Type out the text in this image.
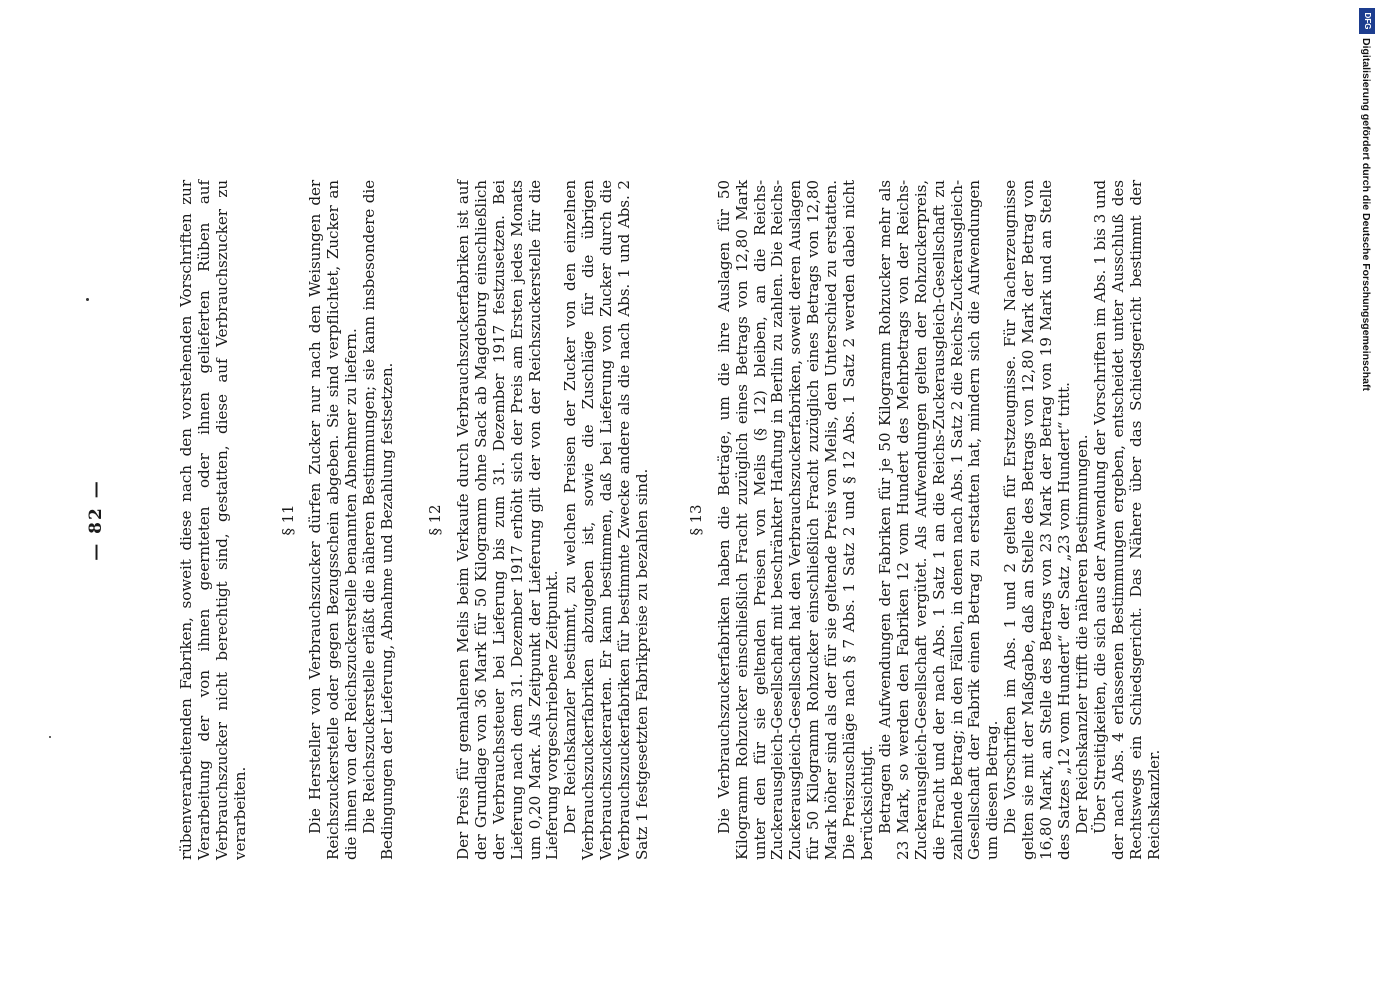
— 82 —	rübenverarbeitenden Fabriken, soweit diese nach den vorstehenden Vorschriften zur Verarbeitung der von ihnen geernteten oder ihnen gelieferten Rüben auf Verbrauchszucker nicht berechtigt sind, gestatten, diese auf Verbrauchszucker zu verarbeiten.

§ 11 Die Hersteller von Verbrauchszucker dürfen Zucker nur nach den Weisungen der Reichszuckerstelle oder gegen Bezugsschein abgeben. Sie sind verpflichtet, Zucker an die ihnen von der Reichszuckerstelle benannten Abnehmer zu liefern. Die Reichszuckerstelle erläßt die näheren Bestimmungen; sie kann insbesondere die Bedingungen der Lieferung, Abnahme und Bezahlung festsetzen. § 12 Der Preis für gemahlenen Melis beim Verkaufe durch Verbrauchszuckerfabriken ist auf der Grundlage von 36 Mark für 50 Kilogramm ohne Sack ab Magdeburg einschließlich der Verbrauchssteuer bei Lieferung bis zum 31. Dezember 1917 festzusetzen. Bei Lieferung nach dem 31. Dezember 1917 erhöht sich der Preis am Ersten jedes Monats um 0,20 Mark. Als Zeitpunkt der Lieferung gilt der von der Reichszuckerstelle für die Lieferung vorgeschriebene Zeitpunkt. Der Reichskanzler bestimmt, zu welchen Preisen der Zucker von den einzelnen Verbrauchszuckerfabriken abzugeben ist, sowie die Zuschläge für die übrigen Verbrauchszuckerarten. Er kann bestimmen, daß bei Lieferung von Zucker durch die Verbrauchszuckerfabriken für bestimmte Zwecke andere als die nach Abs. 1 und Abs. 2 Satz 1 festgesetzten Fabrikpreise zu bezahlen sind. § 13 Die Verbrauchszuckerfabriken haben die Beträge, um die ihre Auslagen für 50 Kilogramm Rohzucker einschließlich Fracht zuzüglich eines Betrags von 12,80 Mark unter den für sie geltenden Preisen von Melis (§ 12) bleiben, an die Reichs-Zuckerausgleich-Gesellschaft mit beschränkter Haftung in Berlin zu zahlen. Die Reichs-Zuckerausgleich-Gesellschaft hat den Verbrauchszuckerfabriken, soweit deren Auslagen für 50 Kilogramm Rohzucker einschließlich Fracht zuzüglich eines Betrags von 12,80 Mark höher sind als der für sie geltende Preis von Melis, den Unterschied zu erstatten. Die Preiszuschläge nach § 7 Abs. 1 Satz 2 und § 12 Abs. 1 Satz 2 werden dabei nicht berücksichtigt. Betragen die Aufwendungen der Fabriken für je 50 Kilogramm Rohzucker mehr als 23 Mark, so werden den Fabriken 12 vom Hundert des Mehrbetrags von der Reichs-Zuckerausgleich-Gesellschaft vergütet. Als Aufwendungen gelten der Rohzuckerpreis, die Fracht und der nach Abs. 1 Satz 1 an die Reichs-Zuckerausgleich-Gesellschaft zu zahlende Betrag; in den Fällen, in denen nach Abs. 1 Satz 2 die Reichs-Zuckerausgleich-Gesellschaft der Fabrik einen Betrag zu erstatten hat, mindern sich die Aufwendungen um diesen Betrag. Die Vorschriften im Abs. 1 und 2 gelten für Erstzeugnisse. Für Nacherzeugnisse gelten sie mit der Maßgabe, daß an Stelle des Betrags von 12,80 Mark der Betrag von 16,80 Mark, an Stelle des Betrags von 23 Mark der Betrag von 19 Mark und an Stelle des Satzes „12 vom Hundert“ der Satz „23 vom Hundert“ tritt. Der Reichskanzler trifft die näheren Bestimmungen. Über Streitigkeiten, die sich aus der Anwendung der Vorschriften im Abs. 1 bis 3 und der nach Abs. 4 erlassenen Bestimmungen ergeben, entscheidet unter Ausschluß des Rechtswegs ein Schiedsgericht. Das Nähere über das Schiedsgericht bestimmt der Reichskanzler.

DFG
Digitalisierung gefördert durch die Deutsche Forschungsgemeinschaft
